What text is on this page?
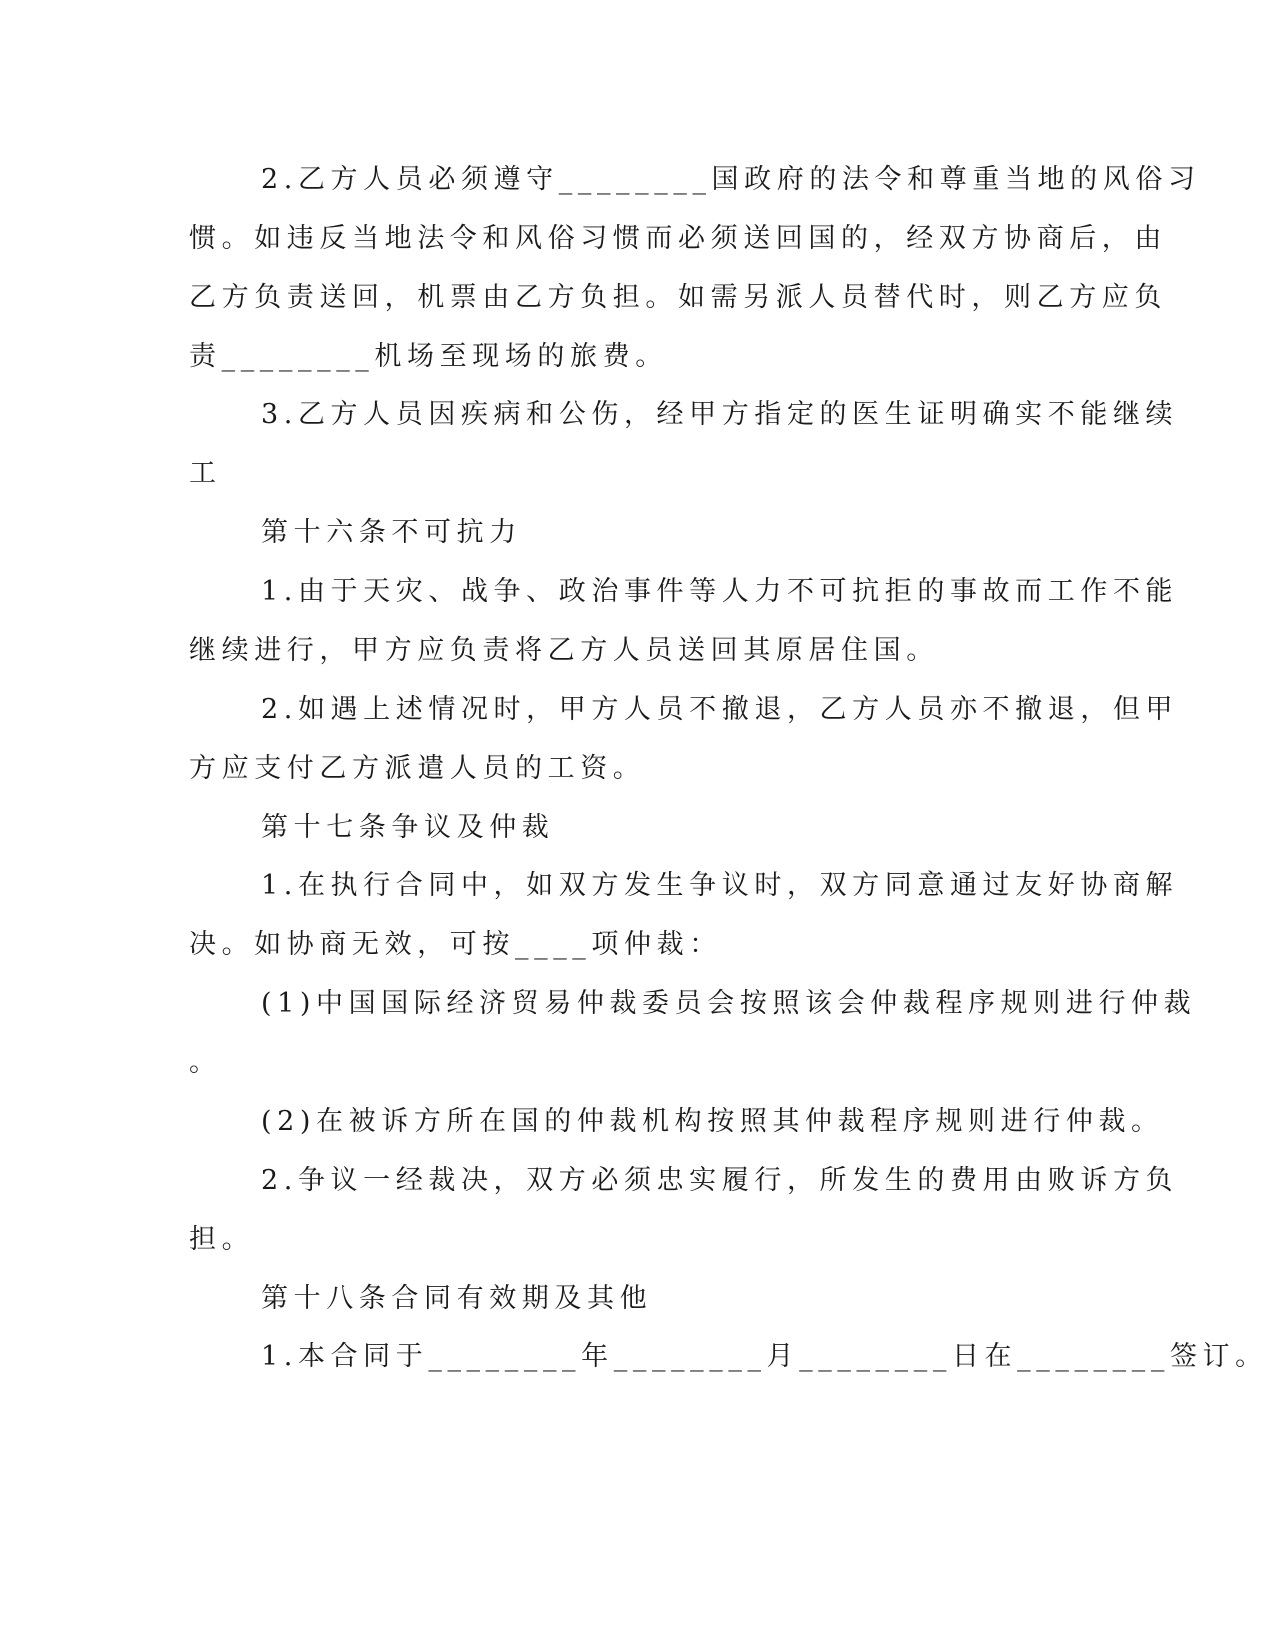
2.乙方人员必须遵守________国政府的法令和尊重当地的风俗习

惯。如违反当地法令和风俗习惯而必须送回国的，经双方协商后，由

乙方负责送回，机票由乙方负担。如需另派人员替代时，则乙方应负

责________机场至现场的旅费。

3.乙方人员因疾病和公伤，经甲方指定的医生证明确实不能继续

工

第十六条不可抗力

1.由于天灾、战争、政治事件等人力不可抗拒的事故而工作不能

继续进行，甲方应负责将乙方人员送回其原居住国。

2.如遇上述情况时，甲方人员不撤退，乙方人员亦不撤退，但甲

方应支付乙方派遣人员的工资。

第十七条争议及仲裁

1.在执行合同中，如双方发生争议时，双方同意通过友好协商解

决。如协商无效，可按____项仲裁：

(1)中国国际经济贸易仲裁委员会按照该会仲裁程序规则进行仲裁

。

(2)在被诉方所在国的仲裁机构按照其仲裁程序规则进行仲裁。

2.争议一经裁决，双方必须忠实履行，所发生的费用由败诉方负

担。

第十八条合同有效期及其他

1.本合同于________年________月________日在________签订。
